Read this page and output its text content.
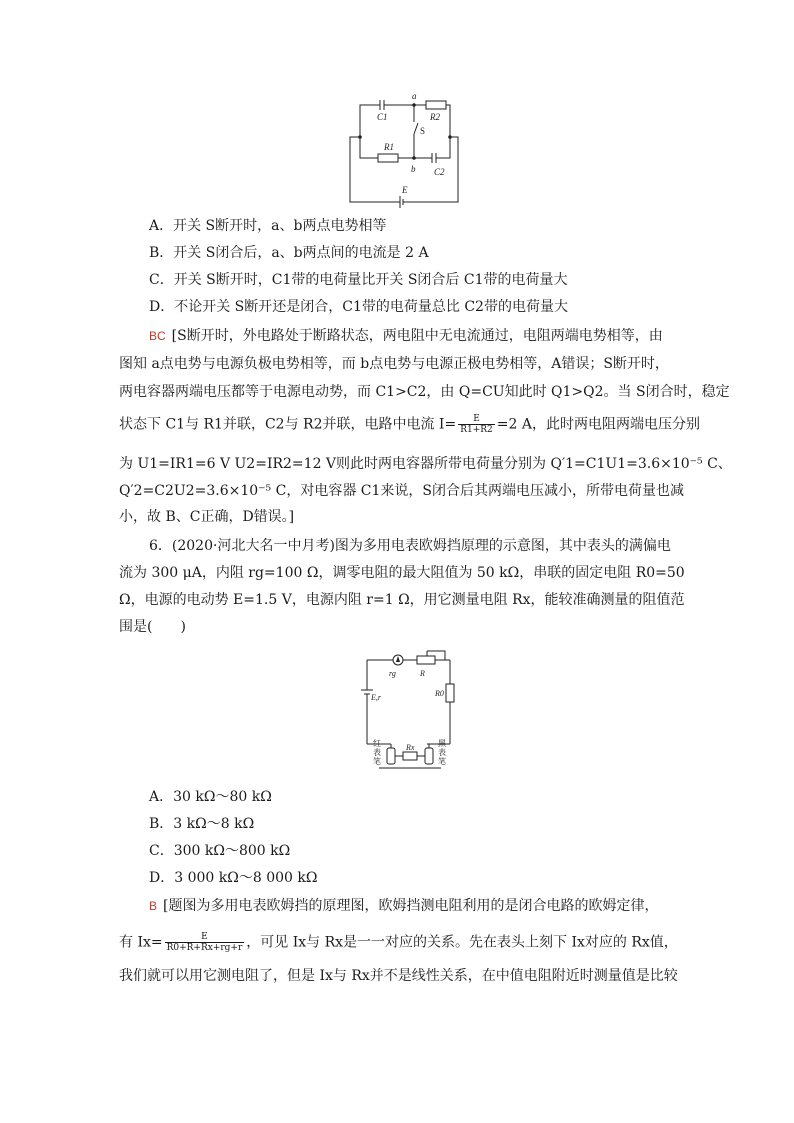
a
b
C1	R2
S
R1
C2
E
A．开关 S断开时，a、b两点电势相等
B．开关 S闭合后，a、b两点间的电流是 2 A
C．开关 S断开时，C1带的电荷量比开关 S闭合后 C1带的电荷量大
D．不论开关 S断开还是闭合，C1带的电荷量总比 C2带的电荷量大
BC [S断开时，外电路处于断路状态，两电阻中无电流通过，电阻两端电势相等，由
图知 a点电势与电源负极电势相等，而 b点电势与电源正极电势相等，A错误；S断开时，
两电容器两端电压都等于电源电动势，而 C1>C2，由 Q=CU知此时 Q1>Q2。当 S闭合时，稳定
状态下 C1与 R1并联，C2与 R2并联，电路中电流 $I= \frac{E}{R1+R2} =2$ A，此时两电阻两端电压分别
为 U1=IR1=6 V U2=IR2=12 V则此时两电容器所带电荷量分别为 Q′1=C1U1=3.6×10⁻⁵ C、
Q′2=C2U2=3.6×10⁻⁵ C，对电容器 C1来说，S闭合后其两端电压减小，所带电荷量也减
小，故 B、C正确，D错误。]
6．(2020·河北大名一中月考)图为多用电表欧姆挡原理的示意图，其中表头的满偏电
流为 300 μA，内阻 rg=100 Ω，调零电阻的最大阻值为 50 kΩ，串联的固定电阻 R0=50
Ω，电源的电动势 E=1.5 V，电源内阻 r=1 Ω，用它测量电阻 Rx，能较准确测量的阻值范
围是(　　)
rg	R
R0
E,r
Rx
红
表
笔
黑
表
笔
A．30 kΩ～80 kΩ
B．3 kΩ～8 kΩ
C．300 kΩ～800 kΩ
D．3 000 kΩ～8 000 kΩ
B [题图为多用电表欧姆挡的原理图，欧姆挡测电阻利用的是闭合电路的欧姆定律，
有 $Ix= \frac{E}{R0+R+Rx+rg+r}$ ，可见 Ix与 Rx是一一对应的关系。先在表头上刻下 Ix对应的 Rx值，
我们就可以用它测电阻了，但是 Ix与 Rx并不是线性关系，在中值电阻附近时测量值是比较
